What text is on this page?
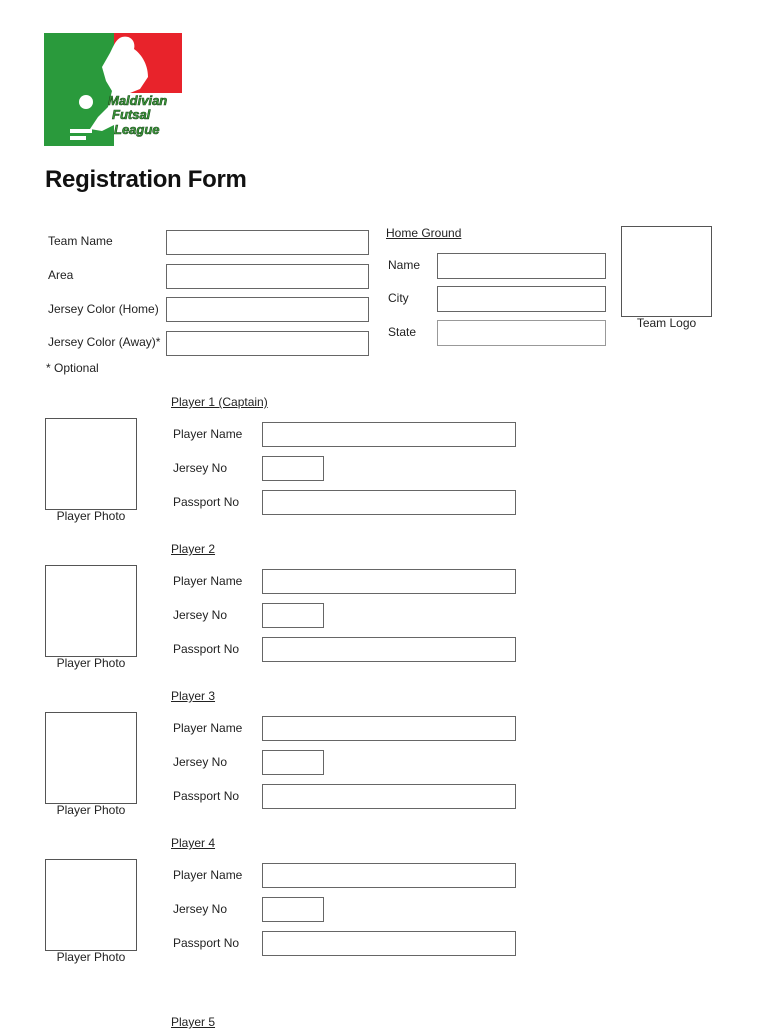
Maldivian
Futsal
League
Registration Form
Team Name
Area
Jersey Color (Home)
Jersey Color (Away)*
* Optional
Home Ground
Name
City
State
Team Logo
Player 1 (Captain)
Player Photo
Player Name
Jersey No
Passport No
Player 2
Player Photo
Player Name
Jersey No
Passport No
Player 3
Player Photo
Player Name
Jersey No
Passport No
Player 4
Player Photo
Player Name
Jersey No
Passport No
Player 5
